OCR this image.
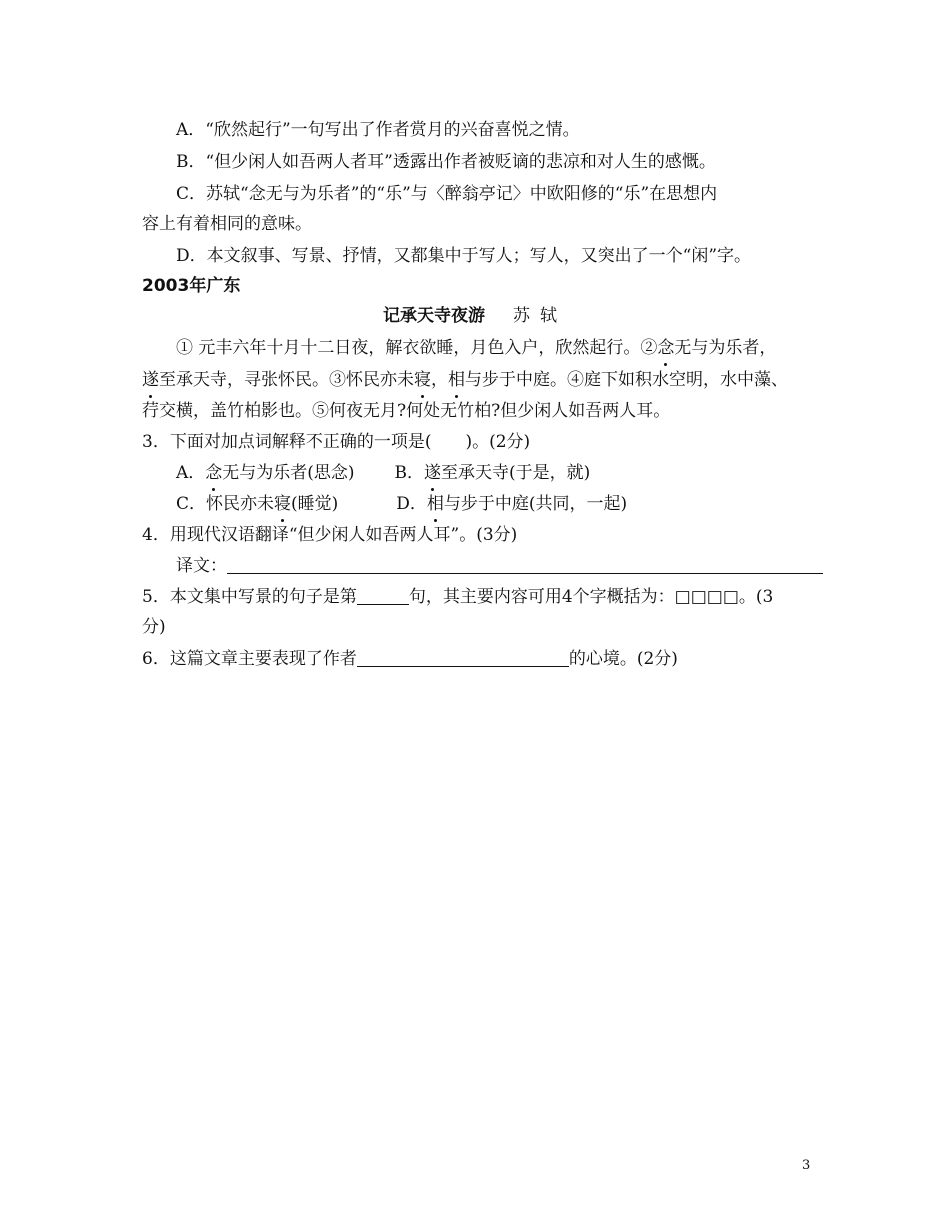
A．“欣然起行”一句写出了作者赏月的兴奋喜悦之情。
B．“但少闲人如吾两人者耳”透露出作者被贬谪的悲凉和对人生的感慨。
C．苏轼“念无与为乐者”的“乐”与〈醉翁亭记〉中欧阳修的“乐”在思想内
容上有着相同的意味。
D．本文叙事、写景、抒情，又都集中于写人；写人，又突出了一个“闲”字。
2003年广东
记承天寺夜游 苏轼
① 元丰六年十月十二日夜，解衣欲睡，月色入户，欣然起行。②念无与为乐者，
遂至承天寺，寻张怀民。③怀民亦未寝，相与步于中庭。④庭下如积水空明，水中藻、
荇交横，盖竹柏影也。⑤何夜无月?何处无竹柏?但少闲人如吾两人耳。
3．下面对加点词解释不正确的一项是(　　)。(2分)
A．念无与为乐者(思念) B．遂至承天寺(于是，就)
C．怀民亦未寝(睡觉)	D．相与步于中庭(共同，一起)
4．用现代汉语翻译“但少闲人如吾两人耳”。(3分)
译文：
5．本文集中写景的句子是第	句，其主要内容可用4个字概括为：□□□□。(3
分)
6．这篇文章主要表现了作者	的心境。(2分)
3
